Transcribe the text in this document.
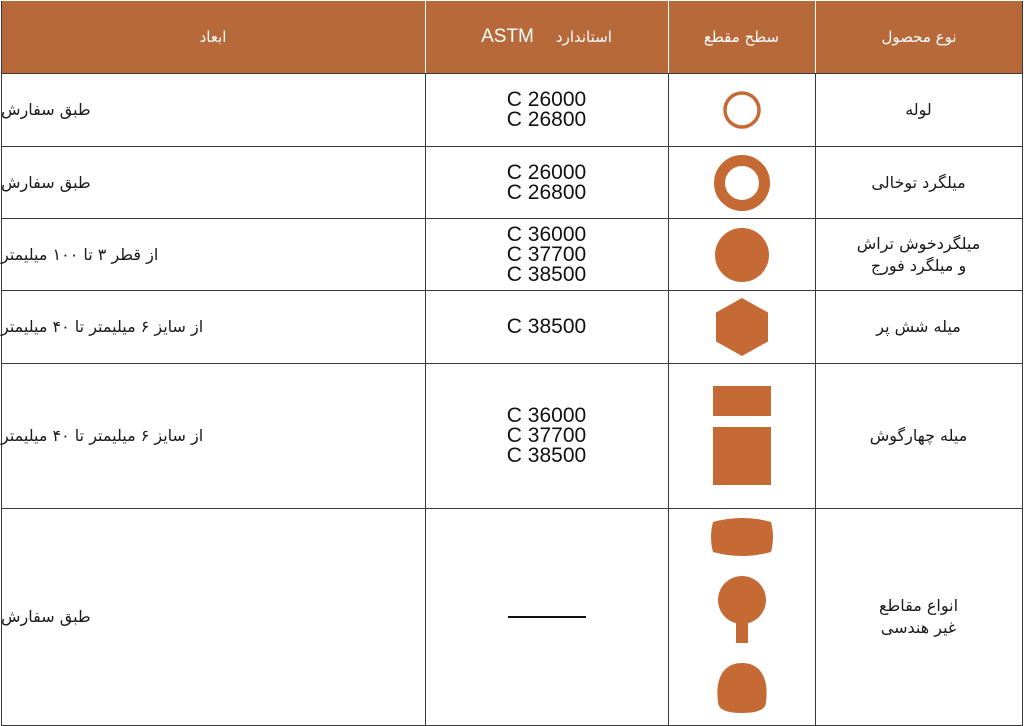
نوع محصول
سطح مقطع
ASTM استاندارد
ابعاد
لوله
C 26000
C 26800
طبق سفارش
میلگرد توخالی
C 26000
C 26800
طبق سفارش
میلگردخوش تراش
و میلگرد فورج
C 36000
C 37700
C 38500
از قطر ۳ تا ۱۰۰ میلیمتر
میله شش پر
C 38500
از سایز ۶ میلیمتر تا ۴۰ میلیمتر
میله چهارگوش
C 36000
C 37700
C 38500
از سایز ۶ میلیمتر تا ۴۰ میلیمتر
انواع مقاطع
غیر هندسی
طبق سفارش
